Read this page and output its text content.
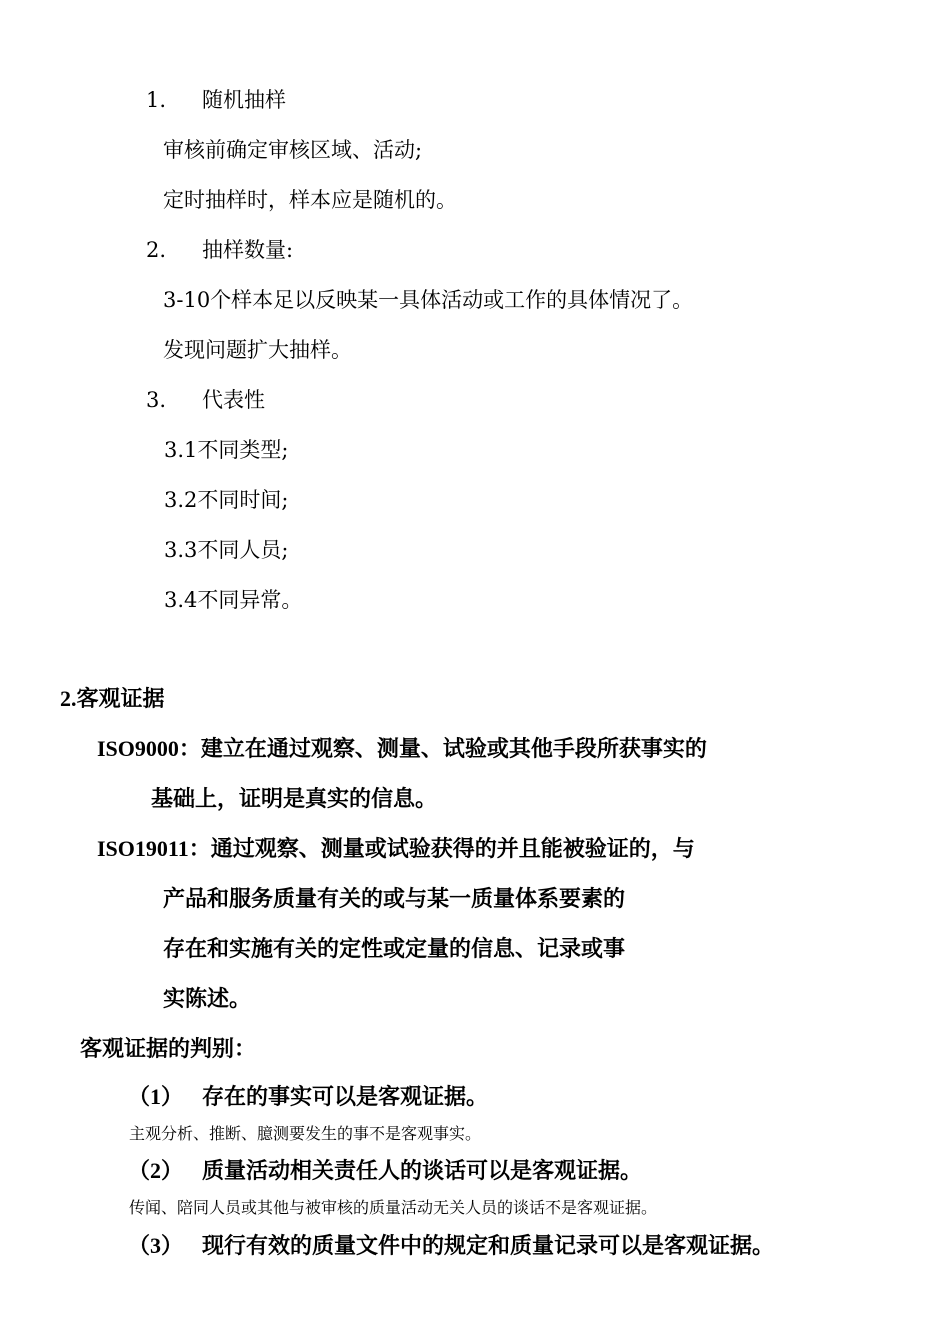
1. 随机抽样
审核前确定审核区域、活动;
定时抽样时，样本应是随机的。
2. 抽样数量:
3-10个样本足以反映某一具体活动或工作的具体情况了。
发现问题扩大抽样。
3. 代表性
3.1不同类型;
3.2不同时间;
3.3不同人员;
3.4不同异常。
2.客观证据
ISO9000：建立在通过观察、测量、试验或其他手段所获事实的
基础上，证明是真实的信息。
ISO19011：通过观察、测量或试验获得的并且能被验证的，与
产品和服务质量有关的或与某一质量体系要素的
存在和实施有关的定性或定量的信息、记录或事
实陈述。
客观证据的判别：
（1） 存在的事实可以是客观证据。
主观分析、推断、臆测要发生的事不是客观事实。
（2） 质量活动相关责任人的谈话可以是客观证据。
传闻、陪同人员或其他与被审核的质量活动无关人员的谈话不是客观证据。
（3） 现行有效的质量文件中的规定和质量记录可以是客观证据。
